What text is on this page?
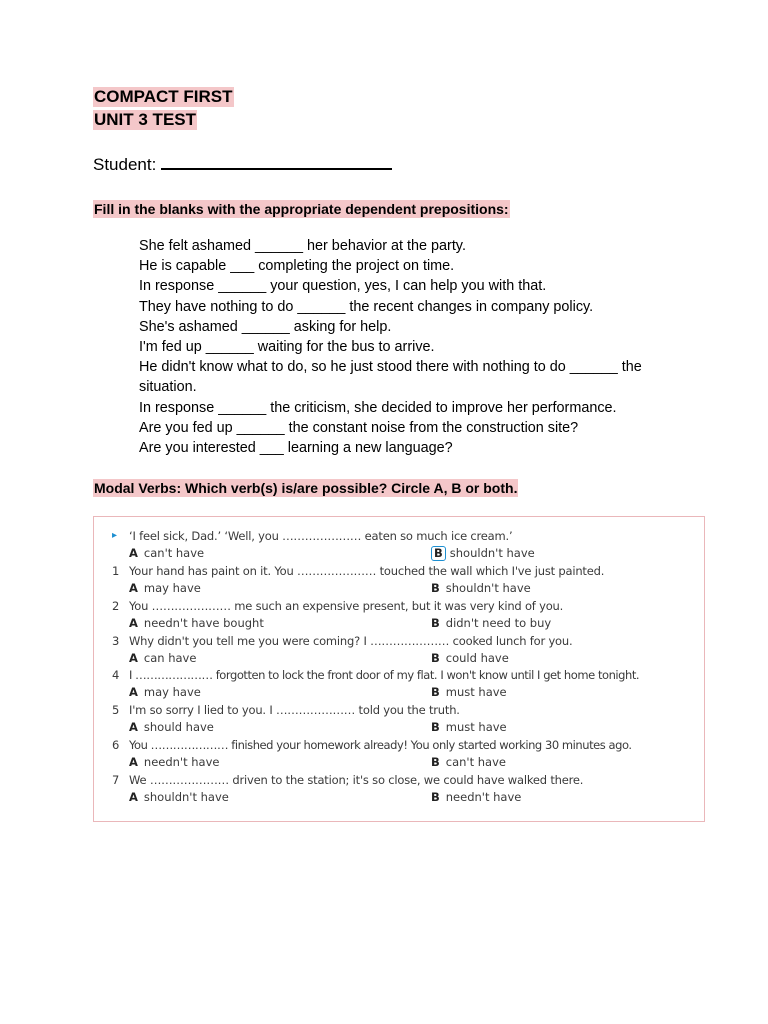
COMPACT FIRST
UNIT 3 TEST
Student:
Fill in the blanks with the appropriate dependent prepositions:
She felt ashamed ______ her behavior at the party.
He is capable ___ completing the project on time.
In response ______ your question, yes, I can help you with that.
They have nothing to do ______ the recent changes in company policy.
She's ashamed ______ asking for help.
I'm fed up ______ waiting for the bus to arrive.
He didn't know what to do, so he just stood there with nothing to do ______ the
situation.
In response ______ the criticism, she decided to improve her performance.
Are you fed up ______ the constant noise from the construction site?
Are you interested ___ learning a new language?
Modal Verbs: Which verb(s) is/are possible? Circle A, B or both.
▸	‘I feel sick, Dad.’ ‘Well, you ………………… eaten so much ice cream.’
A can't have	B shouldn't have
1 Your hand has paint on it. You ………………… touched the wall which I've just painted.
A may have	B shouldn't have
2 You ………………… me such an expensive present, but it was very kind of you.
A needn't have bought	B didn't need to buy
3 Why didn't you tell me you were coming? I ………………… cooked lunch for you.
A can have	B could have
4 I ………………… forgotten to lock the front door of my flat. I won't know until I get home tonight.
A may have	B must have
5 I'm so sorry I lied to you. I ………………… told you the truth.
A should have	B must have
6 You ………………… finished your homework already! You only started working 30 minutes ago.
A needn't have	B can't have
7 We ………………… driven to the station; it's so close, we could have walked there.
A shouldn't have	B needn't have
